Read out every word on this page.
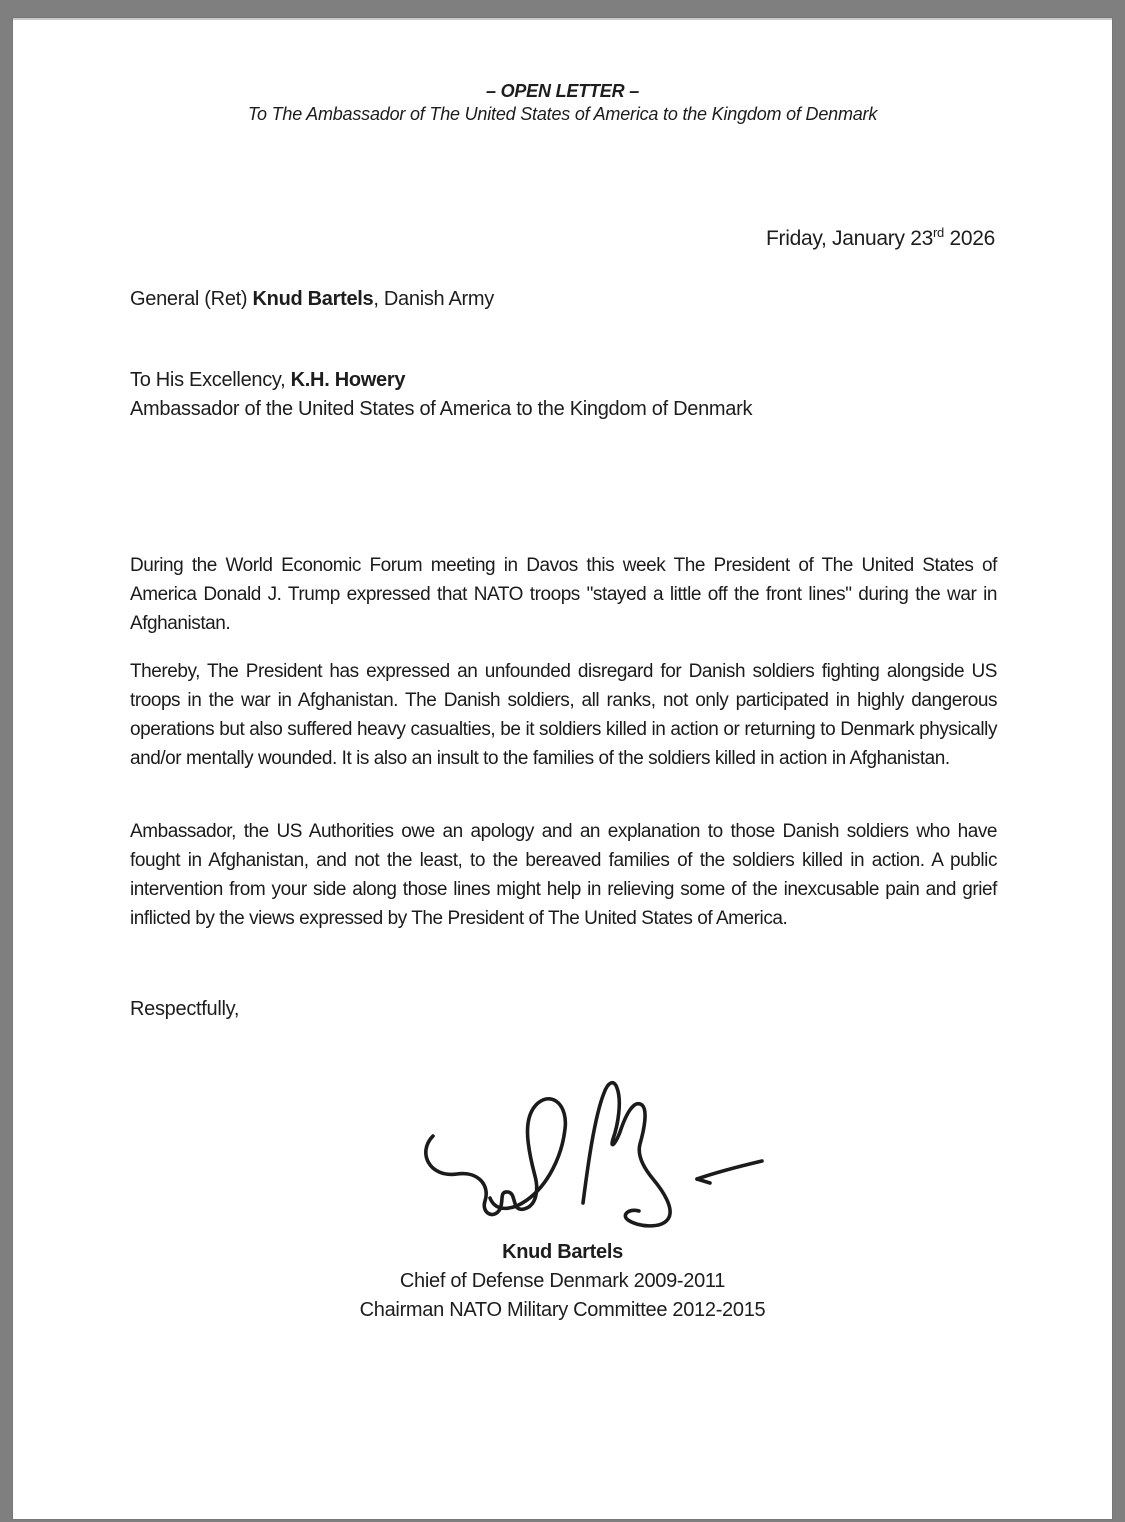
– OPEN LETTER –
To The Ambassador of The United States of America to the Kingdom of Denmark
Friday, January 23rd 2026
General (Ret) Knud Bartels, Danish Army
To His Excellency, K.H. Howery
Ambassador of the United States of America to the Kingdom of Denmark
During the World Economic Forum meeting in Davos this week The President of The United States of America Donald J. Trump expressed that NATO troops "stayed a little off the front lines" during the war in Afghanistan.
Thereby, The President has expressed an unfounded disregard for Danish soldiers fighting alongside US troops in the war in Afghanistan. The Danish soldiers, all ranks, not only participated in highly dangerous operations but also suffered heavy casualties, be it soldiers killed in action or returning to Denmark physically and/or mentally wounded. It is also an insult to the families of the soldiers killed in action in Afghanistan.
Ambassador, the US Authorities owe an apology and an explanation to those Danish soldiers who have fought in Afghanistan, and not the least, to the bereaved families of the soldiers killed in action. A public intervention from your side along those lines might help in relieving some of the inexcusable pain and grief inflicted by the views expressed by The President of The United States of America.
Respectfully,
Knud Bartels
Chief of Defense Denmark 2009-2011
Chairman NATO Military Committee 2012-2015
